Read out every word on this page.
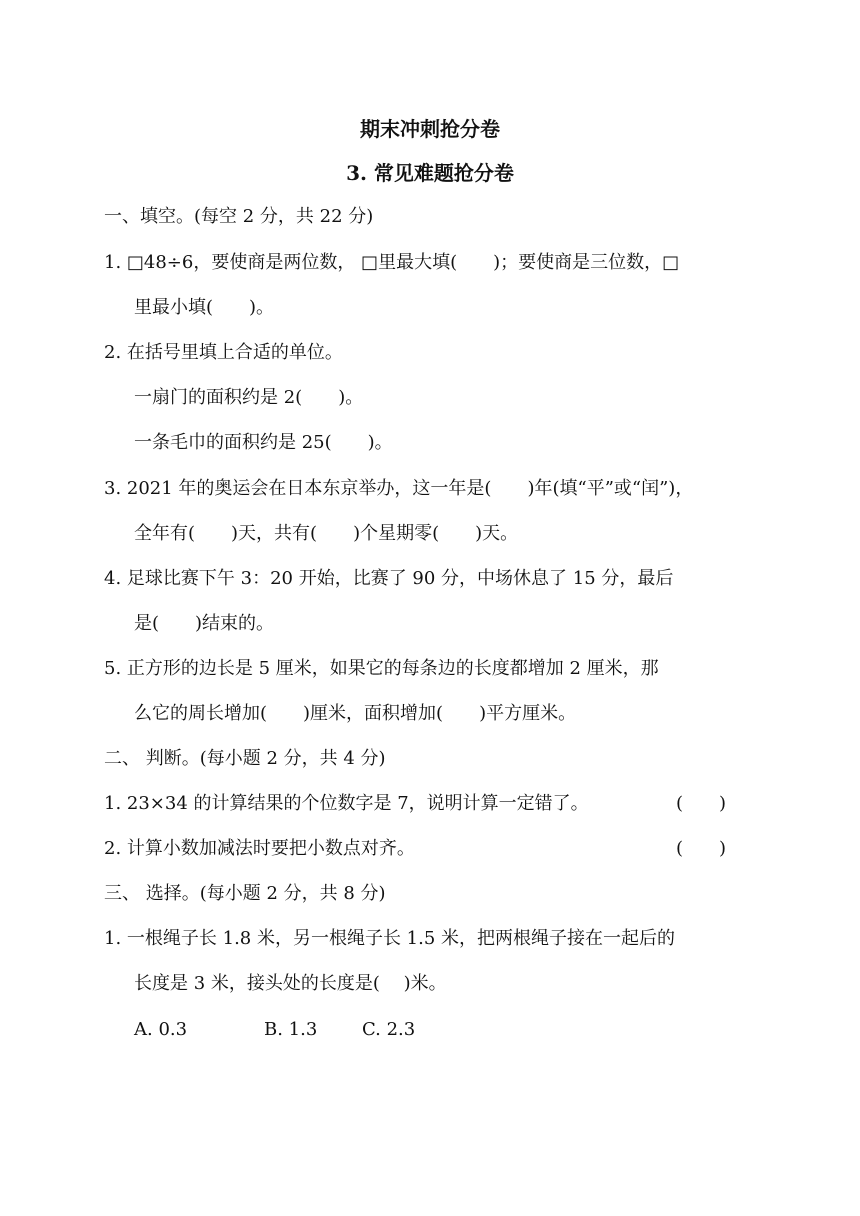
期末冲刺抢分卷
3. 常见难题抢分卷
一、填空。(每空 2 分，共 22 分)
1. □48÷6，要使商是两位数， □里最大填(　　)；要使商是三位数，□
里最小填(　　)。
2. 在括号里填上合适的单位。
一扇门的面积约是 2(　　)。
一条毛巾的面积约是 25(　　)。
3. 2021 年的奥运会在日本东京举办，这一年是(　　)年(填“平”或“闰”)，
全年有(　　)天，共有(　　)个星期零(　　)天。
4. 足球比赛下午 3：20 开始，比赛了 90 分，中场休息了 15 分，最后
是(　　)结束的。
5. 正方形的边长是 5 厘米，如果它的每条边的长度都增加 2 厘米，那
么它的周长增加(　　)厘米，面积增加(　　)平方厘米。
二、 判断。(每小题 2 分，共 4 分)
1. 23×34 的计算结果的个位数字是 7，说明计算一定错了。	(　　)
2. 计算小数加减法时要把小数点对齐。	(　　)
三、 选择。(每小题 2 分，共 8 分)
1. 一根绳子长 1.8 米，另一根绳子长 1.5 米，把两根绳子接在一起后的
长度是 3 米，接头处的长度是(　 )米。
A. 0.3	B. 1.3 C. 2.3
